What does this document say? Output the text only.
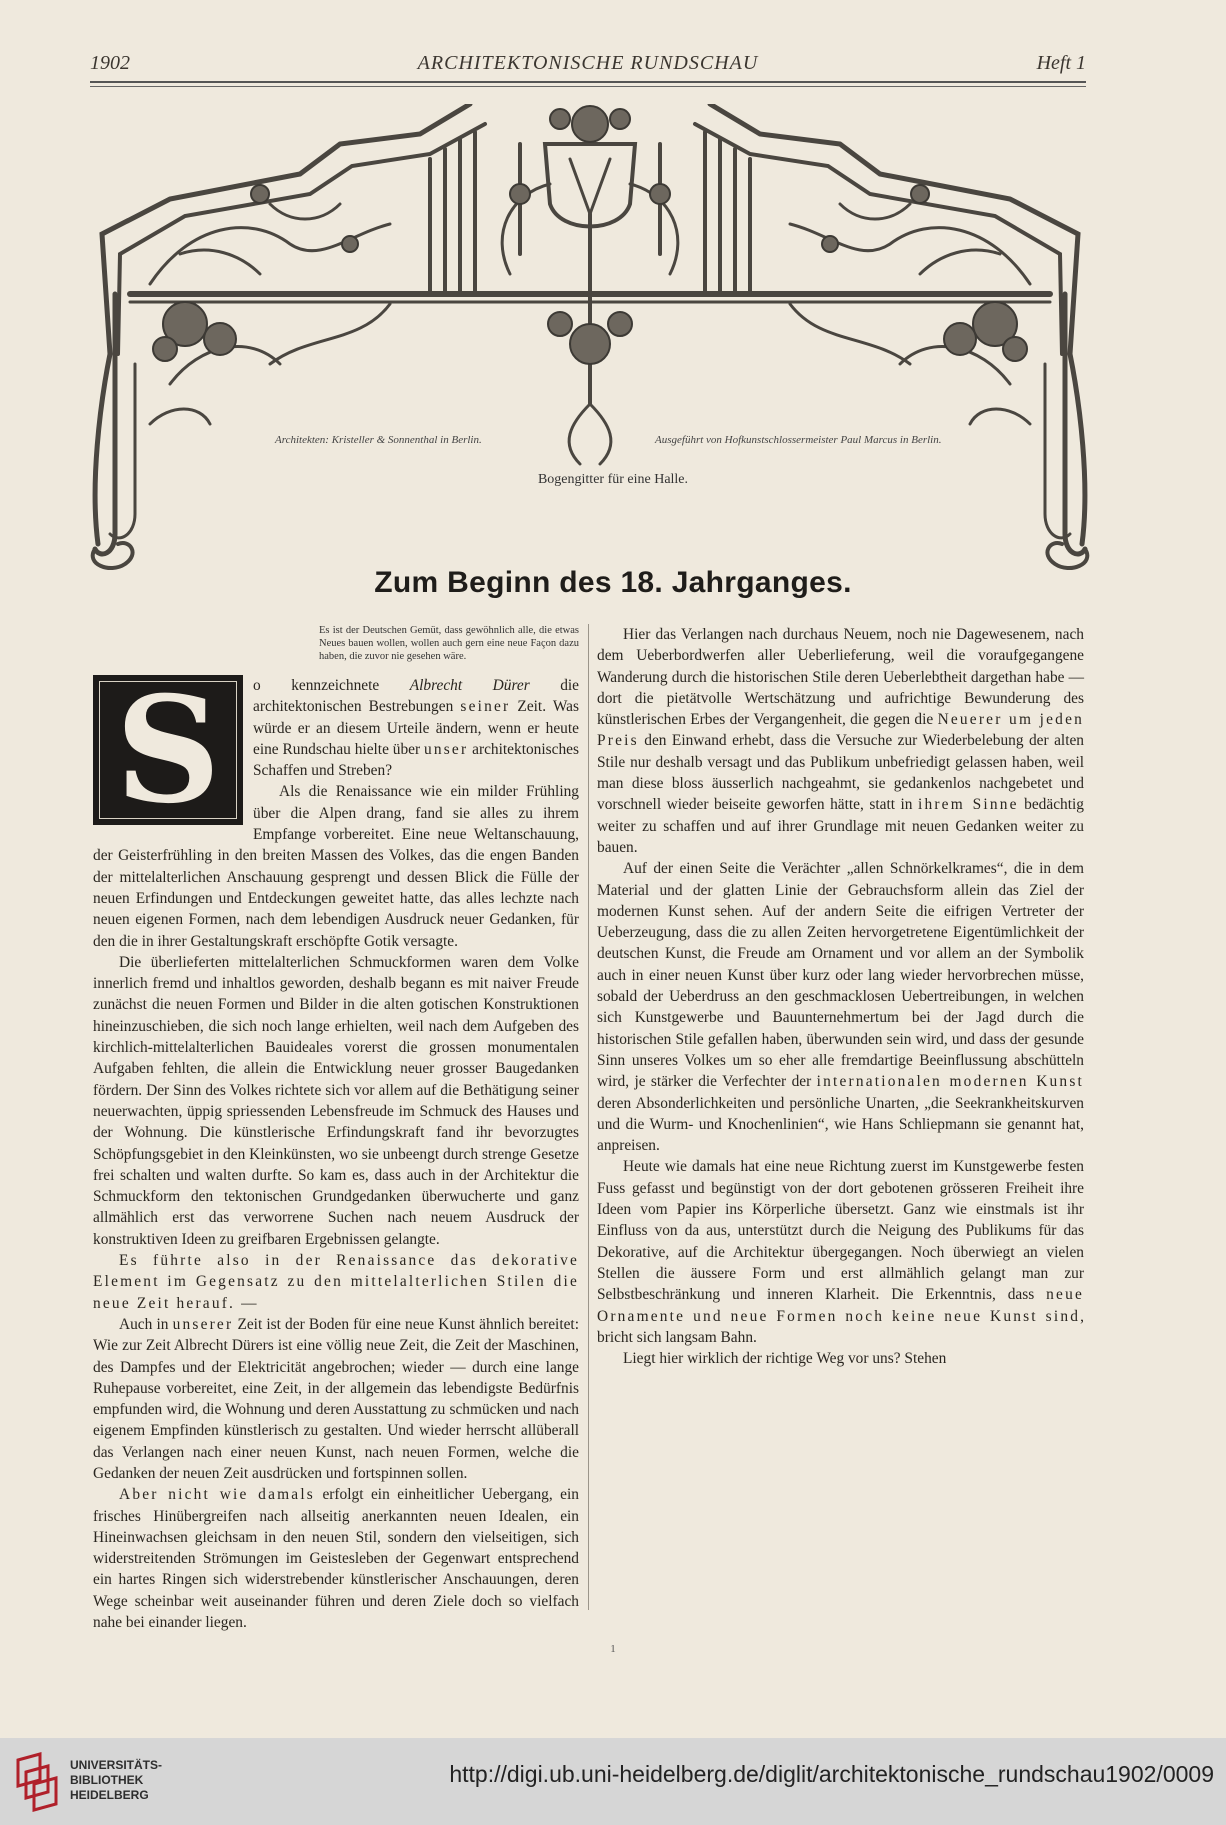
1902	ARCHITEKTONISCHE RUNDSCHAU	Heft 1
Architekten: Kristeller & Sonnenthal in Berlin.	Ausgeführt von Hofkunstschlossermeister Paul Marcus in Berlin.
Bogengitter für eine Halle.
Zum Beginn des 18. Jahrganges.
Es ist der Deutschen Gemüt, dass gewöhnlich alle, die etwas Neues bauen wollen, wollen auch gern eine neue Façon dazu haben, die zuvor nie gesehen wäre.
S	o kennzeichnete Albrecht Dürer die architektonischen Bestrebungen seiner Zeit. Was würde er an diesem Urteile ändern, wenn er heute eine Rundschau hielte über unser architektonisches Schaffen und Streben?

Als die Renaissance wie ein milder Frühling über die Alpen drang, fand sie alles zu ihrem Empfange vorbereitet. Eine neue Weltanschauung, der Geisterfrühling in den breiten Massen des Volkes, das die engen Banden der mittelalterlichen Anschauung gesprengt und dessen Blick die Fülle der neuen Erfindungen und Entdeckungen geweitet hatte, das alles lechzte nach neuen eigenen Formen, nach dem lebendigen Ausdruck neuer Gedanken, für den die in ihrer Gestaltungskraft erschöpfte Gotik versagte.

Die überlieferten mittelalterlichen Schmuckformen waren dem Volke innerlich fremd und inhaltlos geworden, deshalb begann es mit naiver Freude zunächst die neuen Formen und Bilder in die alten gotischen Konstruktionen hineinzuschieben, die sich noch lange erhielten, weil nach dem Aufgeben des kirchlich-mittelalterlichen Bauideales vorerst die grossen monumentalen Aufgaben fehlten, die allein die Entwicklung neuer grosser Baugedanken fördern. Der Sinn des Volkes richtete sich vor allem auf die Bethätigung seiner neuerwachten, üppig spriessenden Lebensfreude im Schmuck des Hauses und der Wohnung. Die künstlerische Erfindungskraft fand ihr bevorzugtes Schöpfungsgebiet in den Kleinkünsten, wo sie unbeengt durch strenge Gesetze frei schalten und walten durfte. So kam es, dass auch in der Architektur die Schmuckform den tektonischen Grundgedanken überwucherte und ganz allmählich erst das verworrene Suchen nach neuem Ausdruck der konstruktiven Ideen zu greifbaren Ergebnissen gelangte.

Es führte also in der Renaissance das dekorative Element im Gegensatz zu den mittelalterlichen Stilen die neue Zeit herauf. —

Auch in unserer Zeit ist der Boden für eine neue Kunst ähnlich bereitet: Wie zur Zeit Albrecht Dürers ist eine völlig neue Zeit, die Zeit der Maschinen, des Dampfes und der Elektricität angebrochen; wieder — durch eine lange Ruhepause vorbereitet, eine Zeit, in der allgemein das lebendigste Bedürfnis empfunden wird, die Wohnung und deren Ausstattung zu schmücken und nach eigenem Empfinden künstlerisch zu gestalten. Und wieder herrscht allüberall das Verlangen nach einer neuen Kunst, nach neuen Formen, welche die Gedanken der neuen Zeit ausdrücken und fortspinnen sollen.

Aber nicht wie damals erfolgt ein einheitlicher Uebergang, ein frisches Hinübergreifen nach allseitig anerkannten neuen Idealen, ein Hineinwachsen gleichsam in den neuen Stil, sondern den vielseitigen, sich widerstreitenden Strömungen im Geistesleben der Gegenwart entsprechend ein hartes Ringen sich widerstrebender künstlerischer Anschauungen, deren Wege scheinbar weit auseinander führen und deren Ziele doch so vielfach nahe bei einander liegen.

Hier das Verlangen nach durchaus Neuem, noch nie Dagewesenem, nach dem Ueberbordwerfen aller Ueberlieferung, weil die voraufgegangene Wanderung durch die historischen Stile deren Ueberlebtheit dargethan habe — dort die pietätvolle Wertschätzung und aufrichtige Bewunderung des künstlerischen Erbes der Vergangenheit, die gegen die Neuerer um jeden Preis den Einwand erhebt, dass die Versuche zur Wiederbelebung der alten Stile nur deshalb versagt und das Publikum unbefriedigt gelassen haben, weil man diese bloss äusserlich nachgeahmt, sie gedankenlos nachgebetet und vorschnell wieder beiseite geworfen hätte, statt in ihrem Sinne bedächtig weiter zu schaffen und auf ihrer Grundlage mit neuen Gedanken weiter zu bauen.

Auf der einen Seite die Verächter „allen Schnörkelkrames“, die in dem Material und der glatten Linie der Gebrauchsform allein das Ziel der modernen Kunst sehen. Auf der andern Seite die eifrigen Vertreter der Ueberzeugung, dass die zu allen Zeiten hervorgetretene Eigentümlichkeit der deutschen Kunst, die Freude am Ornament und vor allem an der Symbolik auch in einer neuen Kunst über kurz oder lang wieder hervorbrechen müsse, sobald der Ueberdruss an den geschmacklosen Uebertreibungen, in welchen sich Kunstgewerbe und Bauunternehmertum bei der Jagd durch die historischen Stile gefallen haben, überwunden sein wird, und dass der gesunde Sinn unseres Volkes um so eher alle fremdartige Beeinflussung abschütteln wird, je stärker die Verfechter der internationalen modernen Kunst deren Absonderlichkeiten und persönliche Unarten, „die Seekrankheitskurven und die Wurm- und Knochenlinien“, wie Hans Schliepmann sie genannt hat, anpreisen.

Heute wie damals hat eine neue Richtung zuerst im Kunstgewerbe festen Fuss gefasst und begünstigt von der dort gebotenen grösseren Freiheit ihre Ideen vom Papier ins Körperliche übersetzt. Ganz wie einstmals ist ihr Einfluss von da aus, unterstützt durch die Neigung des Publikums für das Dekorative, auf die Architektur übergegangen. Noch überwiegt an vielen Stellen die äussere Form und erst allmählich gelangt man zur Selbstbeschränkung und inneren Klarheit. Die Erkenntnis, dass neue Ornamente und neue Formen noch keine neue Kunst sind, bricht sich langsam Bahn.

Liegt hier wirklich der richtige Weg vor uns? Stehen

1
UNIVERSITÄTS-
BIBLIOTHEK
HEIDELBERG
http://digi.ub.uni-heidelberg.de/diglit/architektonische_rundschau1902/0009
